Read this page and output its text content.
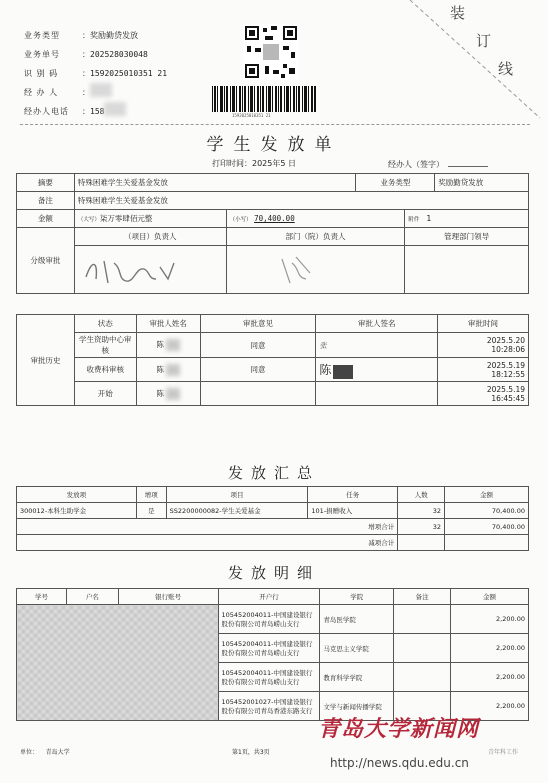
业务类型	： 奖励勤贷发放
业务单号	： 202528030048
识 别 码	： 1592025010351 21
经 办 人	：
经办人电话	： 158	1592025010351 21
装
订
线
学生发放单
打印时间：2025年5 日	经办人（签字）
摘要	特殊困难学生关爱基金发放		业务类型		奖励勤贷发放
备注	特殊困难学生关爱基金发放				
金额	（大写）柒万零肆佰元整	（小写） 70,400.00		附件 1	
分级审批	（项目）负责人	部门（院）负责人		管理部门领导	

审批历史	状态	审批人姓名	审批意见	审批人签名	审批时间
	学生资助中心审核	陈	同意	张	2025.5.20
10:28:06
	收费科审核	陈	同意	陈	2025.5.19
18:12:55
	开始	陈			2025.5.19
16:45:45
发放汇总
发放项	增项	项目	任务	人数	金额
300012-本科生助学金	是	SS2200000082-学生关爱基金	101-捐赠收入	32	70,400.00
增项合计				32	70,400.00
减项合计					
发放明细
学号	户名	银行账号	开户行	学院	备注	金额
			105452004011-中国建设银行股份有限公司青岛崂山支行	青岛医学院		2,200.00
			105452004011-中国建设银行股份有限公司青岛崂山支行	马克思主义学院		2,200.00
			105452004011-中国建设银行股份有限公司青岛崂山支行	教育科学学院		2,200.00
			105452001027-中国建设银行股份有限公司青岛香港东路支行	文学与新闻传播学院		2,200.00
单位： 青岛大学	第1页，共3页	青年科工作
青岛大学新闻网
http://news.qdu.edu.cn
